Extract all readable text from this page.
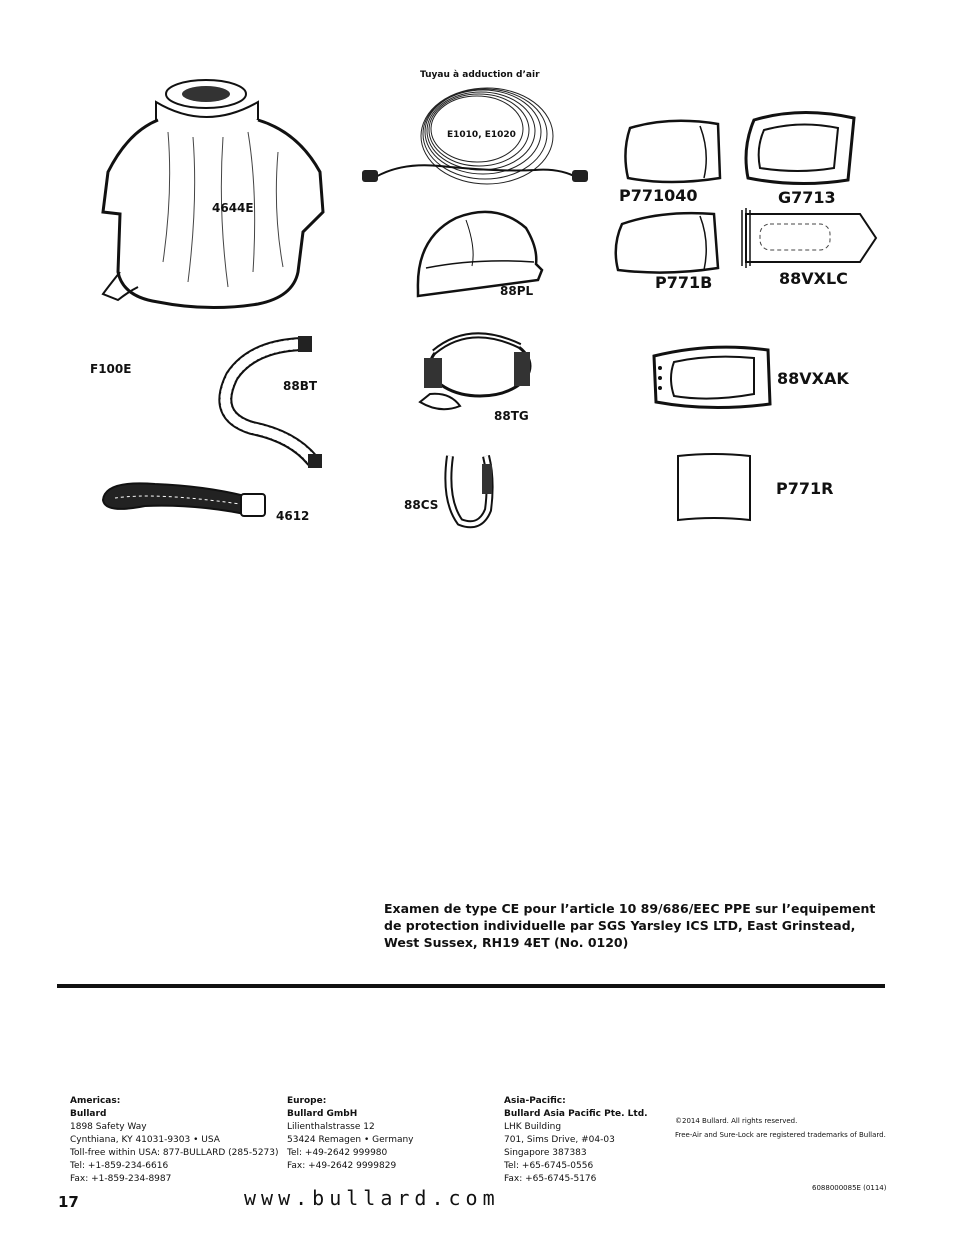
4644E
Tuyau à adduction d’air
E1010, E1020
P771040	G7713
P771B	88VXLC
88PL
F100E
88BT
88TG
88VXAK
88CS
4612
P771R
Examen de type CE pour l’article 10 89/686/EEC PPE sur l’equipement de protection individuelle par SGS Yarsley ICS LTD, East Grinstead, West Sussex, RH19 4ET (No. 0120)
Americas:
Bullard
1898 Safety Way
Cynthiana, KY 41031-9303 • USA
Toll-free within USA: 877-BULLARD (285-5273)
Tel: +1-859-234-6616
Fax: +1-859-234-8987
Europe:
Bullard GmbH
Lilienthalstrasse 12
53424 Remagen • Germany
Tel: +49-2642 999980
Fax: +49-2642 9999829
Asia-Pacific:
Bullard Asia Pacific Pte. Ltd.
LHK Building
701, Sims Drive, #04-03
Singapore 387383
Tel: +65-6745-0556
Fax: +65-6745-5176
©2014 Bullard. All rights reserved.
Free-Air and Sure-Lock are registered trademarks of Bullard.
17	www.bullard.com	6088000085E (0114)
